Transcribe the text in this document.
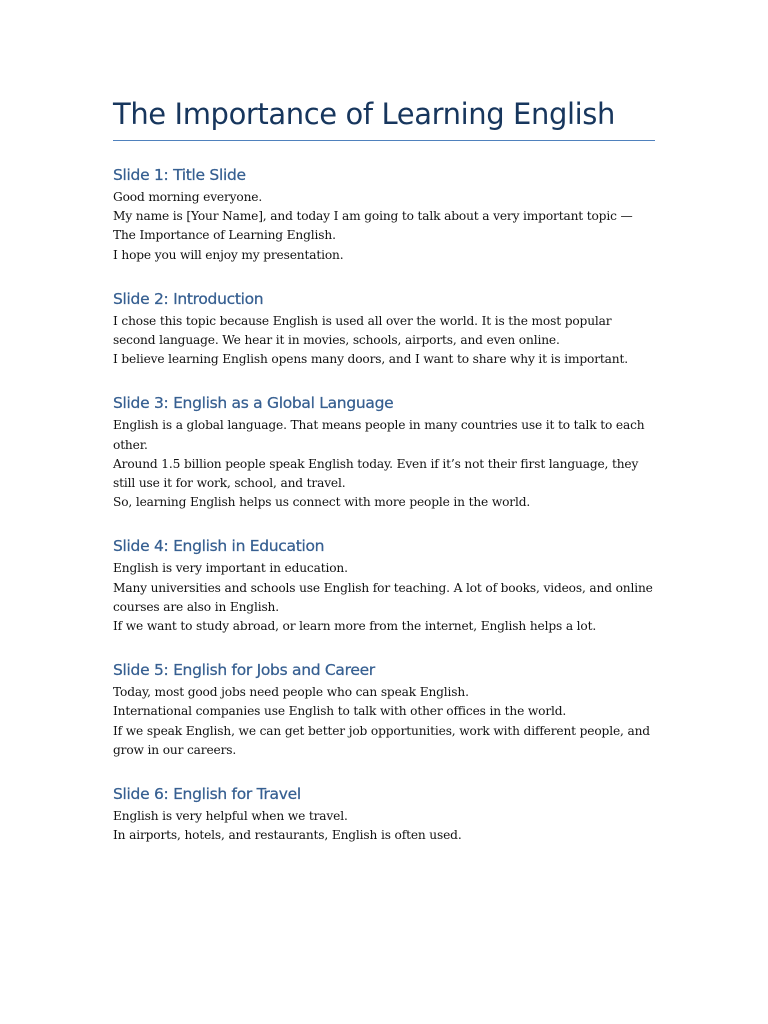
The Importance of Learning English
Slide 1: Title Slide

Good morning everyone.

My name is [Your Name], and today I am going to talk about a very important topic — The Importance of Learning English.

I hope you will enjoy my presentation.

Slide 2: Introduction

I chose this topic because English is used all over the world. It is the most popular second language. We hear it in movies, schools, airports, and even online.

I believe learning English opens many doors, and I want to share why it is important.

Slide 3: English as a Global Language

English is a global language. That means people in many countries use it to talk to each other.

Around 1.5 billion people speak English today. Even if it’s not their first language, they still use it for work, school, and travel.

So, learning English helps us connect with more people in the world.

Slide 4: English in Education

English is very important in education.

Many universities and schools use English for teaching. A lot of books, videos, and online courses are also in English.

If we want to study abroad, or learn more from the internet, English helps a lot.

Slide 5: English for Jobs and Career

Today, most good jobs need people who can speak English.

International companies use English to talk with other offices in the world.

If we speak English, we can get better job opportunities, work with different people, and grow in our careers.

Slide 6: English for Travel

English is very helpful when we travel.

In airports, hotels, and restaurants, English is often used.
